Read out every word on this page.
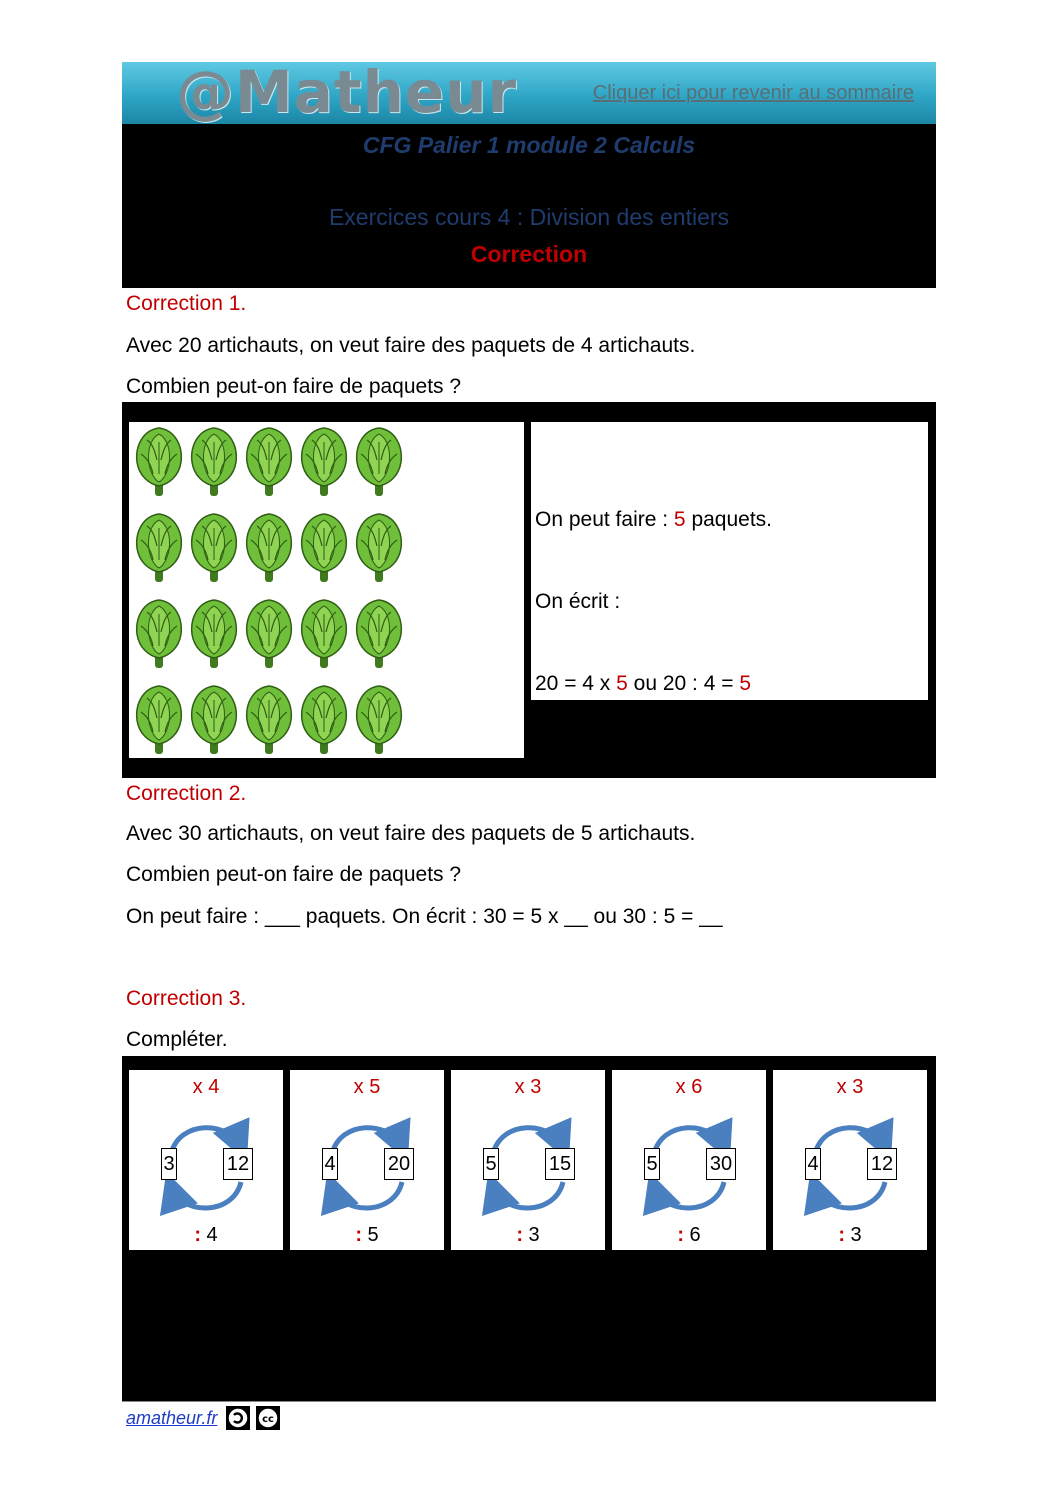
@Matheur	Cliquer ici pour revenir au sommaire
CFG Palier 1 module 2 Calculs
Exercices cours 4 : Division des entiers
Correction
Correction 1.
Avec 20 artichauts, on veut faire des paquets de 4 artichauts.
Combien peut-on faire de paquets ?
On peut faire : 5 paquets.
On écrit :
20 = 4 x 5 ou 20 : 4 = 5
Correction 2.
Avec 30 artichauts, on veut faire des paquets de 5 artichauts.
Combien peut-on faire de paquets ?
On peut faire : ___ paquets. On écrit : 30 = 5 x __ ou 30 : 5 = __
Correction 3.
Compléter.
x 4
3	12
: 4
x 5
4	20
: 5
x 3
5	15
: 3
x 6
5	30
: 6
x 3
4	12
: 3
amatheur.fr	cc
